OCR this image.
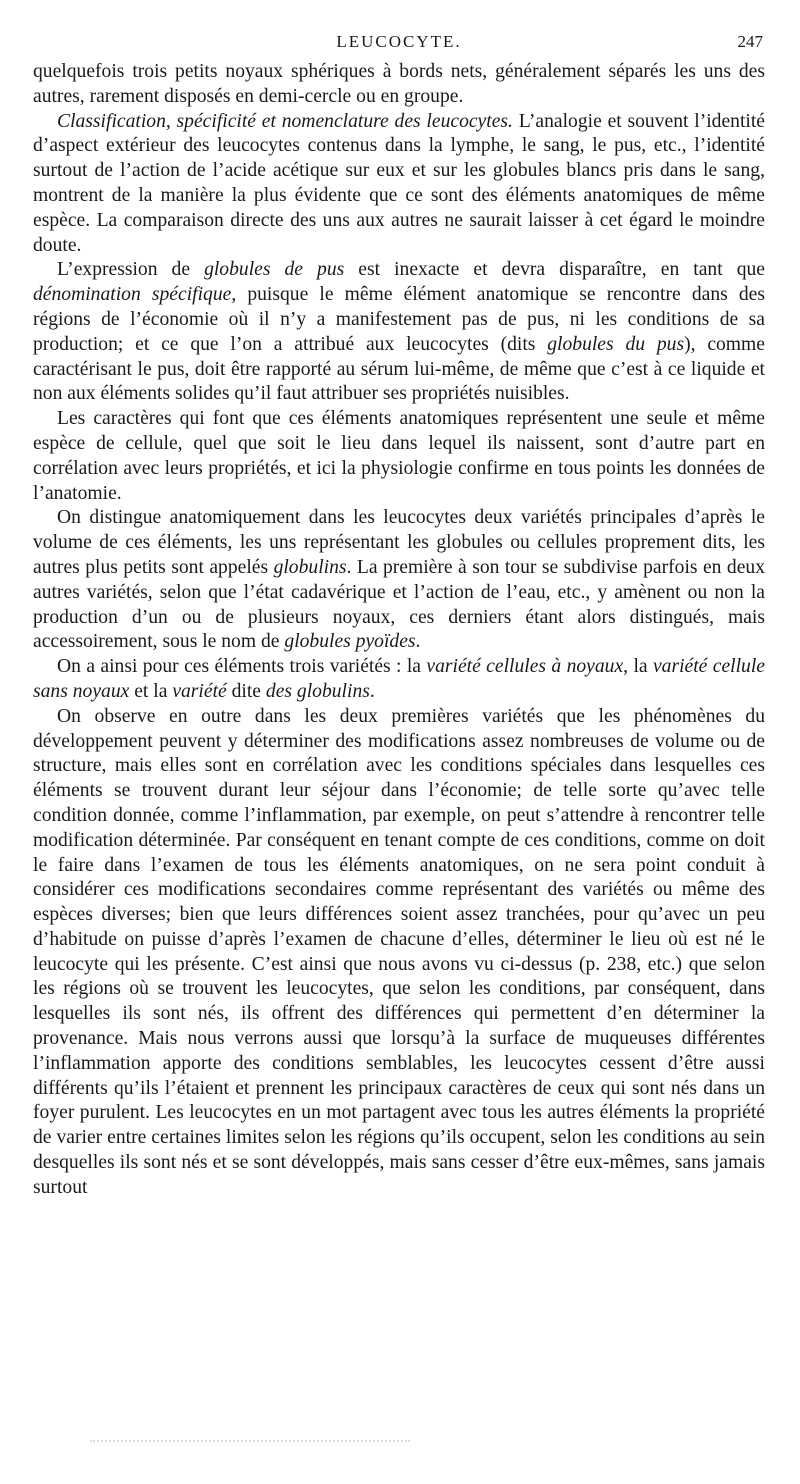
LEUCOCYTE.	247

quelquefois trois petits noyaux sphériques à bords nets, généralement séparés les uns des autres, rarement disposés en demi-cercle ou en groupe.

Classification, spécificité et nomenclature des leucocytes. L’analogie et souvent l’identité d’aspect extérieur des leucocytes contenus dans la lymphe, le sang, le pus, etc., l’identité surtout de l’action de l’acide acétique sur eux et sur les globules blancs pris dans le sang, montrent de la manière la plus évidente que ce sont des éléments anatomiques de même espèce. La comparaison directe des uns aux autres ne saurait laisser à cet égard le moindre doute.

L’expression de globules de pus est inexacte et devra disparaître, en tant que dénomination spécifique, puisque le même élément anatomique se rencontre dans des régions de l’économie où il n’y a manifestement pas de pus, ni les conditions de sa production; et ce que l’on a attribué aux leucocytes (dits globules du pus), comme caractérisant le pus, doit être rapporté au sérum lui-même, de même que c’est à ce liquide et non aux éléments solides qu’il faut attribuer ses propriétés nuisibles.

Les caractères qui font que ces éléments anatomiques représentent une seule et même espèce de cellule, quel que soit le lieu dans lequel ils naissent, sont d’autre part en corrélation avec leurs propriétés, et ici la physiologie confirme en tous points les données de l’anatomie.

On distingue anatomiquement dans les leucocytes deux variétés principales d’après le volume de ces éléments, les uns représentant les globules ou cellules proprement dits, les autres plus petits sont appelés globulins. La première à son tour se subdivise parfois en deux autres variétés, selon que l’état cadavérique et l’action de l’eau, etc., y amènent ou non la production d’un ou de plusieurs noyaux, ces derniers étant alors distingués, mais accessoirement, sous le nom de globules pyoïdes.

On a ainsi pour ces éléments trois variétés : la variété cellules à noyaux, la variété cellule sans noyaux et la variété dite des globulins.

On observe en outre dans les deux premières variétés que les phénomènes du développement peuvent y déterminer des modifications assez nombreuses de volume ou de structure, mais elles sont en corrélation avec les conditions spéciales dans lesquelles ces éléments se trouvent durant leur séjour dans l’économie; de telle sorte qu’avec telle condition donnée, comme l’inflammation, par exemple, on peut s’attendre à rencontrer telle modification déterminée. Par conséquent en tenant compte de ces conditions, comme on doit le faire dans l’examen de tous les éléments anatomiques, on ne sera point conduit à considérer ces modifications secondaires comme représentant des variétés ou même des espèces diverses; bien que leurs différences soient assez tranchées, pour qu’avec un peu d’habitude on puisse d’après l’examen de chacune d’elles, déterminer le lieu où est né le leucocyte qui les présente. C’est ainsi que nous avons vu ci-dessus (p. 238, etc.) que selon les régions où se trouvent les leucocytes, que selon les conditions, par conséquent, dans lesquelles ils sont nés, ils offrent des différences qui permettent d’en déterminer la provenance. Mais nous verrons aussi que lorsqu’à la surface de muqueuses différentes l’inflammation apporte des conditions semblables, les leucocytes cessent d’être aussi différents qu’ils l’étaient et prennent les principaux caractères de ceux qui sont nés dans un foyer purulent. Les leucocytes en un mot partagent avec tous les autres éléments la propriété de varier entre certaines limites selon les régions qu’ils occupent, selon les conditions au sein desquelles ils sont nés et se sont développés, mais sans cesser d’être eux-mêmes, sans jamais surtout
